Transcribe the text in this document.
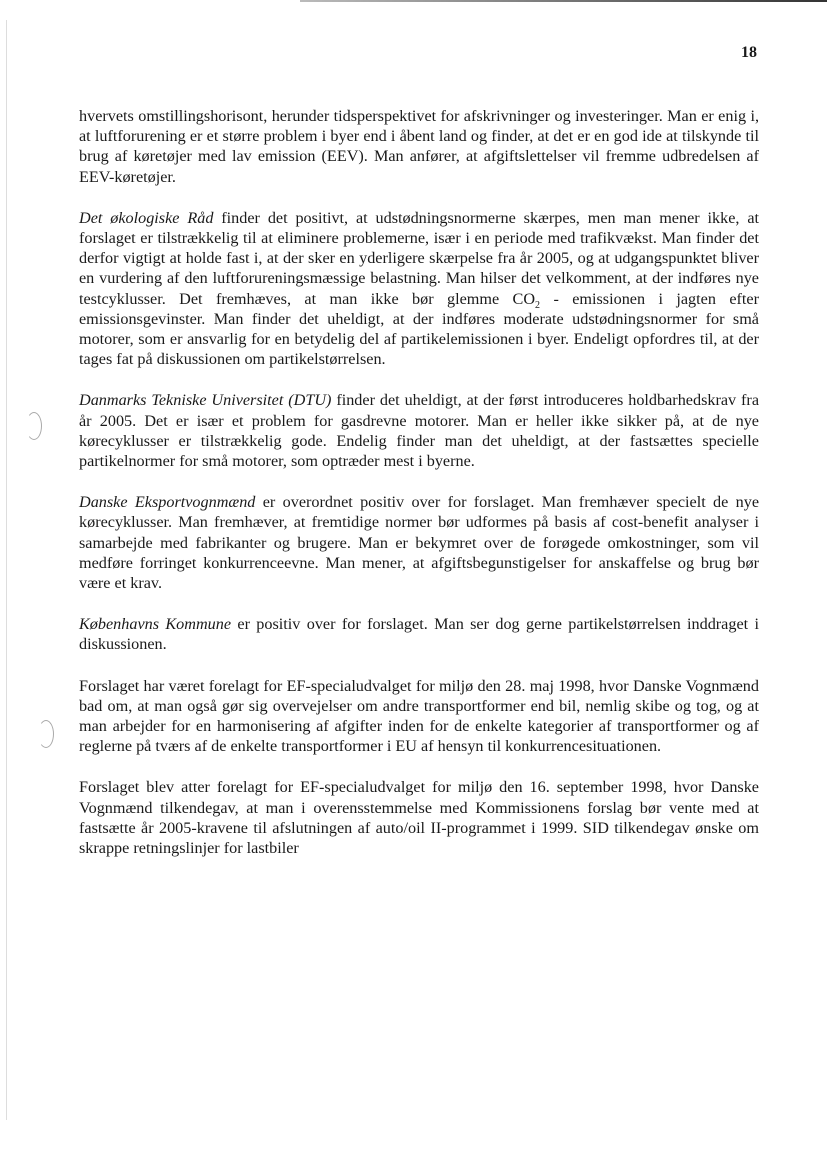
18

hvervets omstillingshorisont, herunder tidsperspektivet for afskrivninger og investeringer. Man er enig i, at luftforurening er et større problem i byer end i åbent land og finder, at det er en god ide at tilskynde til brug af køretøjer med lav emission (EEV). Man anfører, at afgiftslettelser vil fremme udbredelsen af EEV-køretøjer.

Det økologiske Råd finder det positivt, at udstødningsnormerne skærpes, men man mener ikke, at forslaget er tilstrækkelig til at eliminere problemerne, især i en periode med trafikvækst. Man finder det derfor vigtigt at holde fast i, at der sker en yderligere skærpelse fra år 2005, og at udgangspunktet bliver en vurdering af den luftforureningsmæssige belastning. Man hilser det velkomment, at der indføres nye testcyklusser. Det fremhæves, at man ikke bør glemme $CO_2$ - emissionen i jagten efter emissionsgevinster. Man finder det uheldigt, at der indføres moderate udstødningsnormer for små motorer, som er ansvarlig for en betydelig del af partikelemissionen i byer. Endeligt opfordres til, at der tages fat på diskussionen om partikelstørrelsen.

Danmarks Tekniske Universitet (DTU) finder det uheldigt, at der først introduceres holdbarhedskrav fra år 2005. Det er især et problem for gasdrevne motorer. Man er heller ikke sikker på, at de nye kørecyklusser er tilstrækkelig gode. Endelig finder man det uheldigt, at der fastsættes specielle partikelnormer for små motorer, som optræder mest i byerne.

Danske Eksportvognmænd er overordnet positiv over for forslaget. Man fremhæver specielt de nye kørecyklusser. Man fremhæver, at fremtidige normer bør udformes på basis af cost-benefit analyser i samarbejde med fabrikanter og brugere. Man er bekymret over de forøgede omkostninger, som vil medføre forringet konkurrenceevne. Man mener, at afgiftsbegunstigelser for anskaffelse og brug bør være et krav.

Københavns Kommune er positiv over for forslaget. Man ser dog gerne partikelstørrelsen inddraget i diskussionen.

Forslaget har været forelagt for EF-specialudvalget for miljø den 28. maj 1998, hvor Danske Vognmænd bad om, at man også gør sig overvejelser om andre transportformer end bil, nemlig skibe og tog, og at man arbejder for en harmonisering af afgifter inden for de enkelte kategorier af transportformer og af reglerne på tværs af de enkelte transportformer i EU af hensyn til konkurrencesituationen.

Forslaget blev atter forelagt for EF-specialudvalget for miljø den 16. september 1998, hvor Danske Vognmænd tilkendegav, at man i overensstemmelse med Kommissionens forslag bør vente med at fastsætte år 2005-kravene til afslutningen af auto/oil II-programmet i 1999. SID tilkendegav ønske om skrappe retningslinjer for lastbiler
